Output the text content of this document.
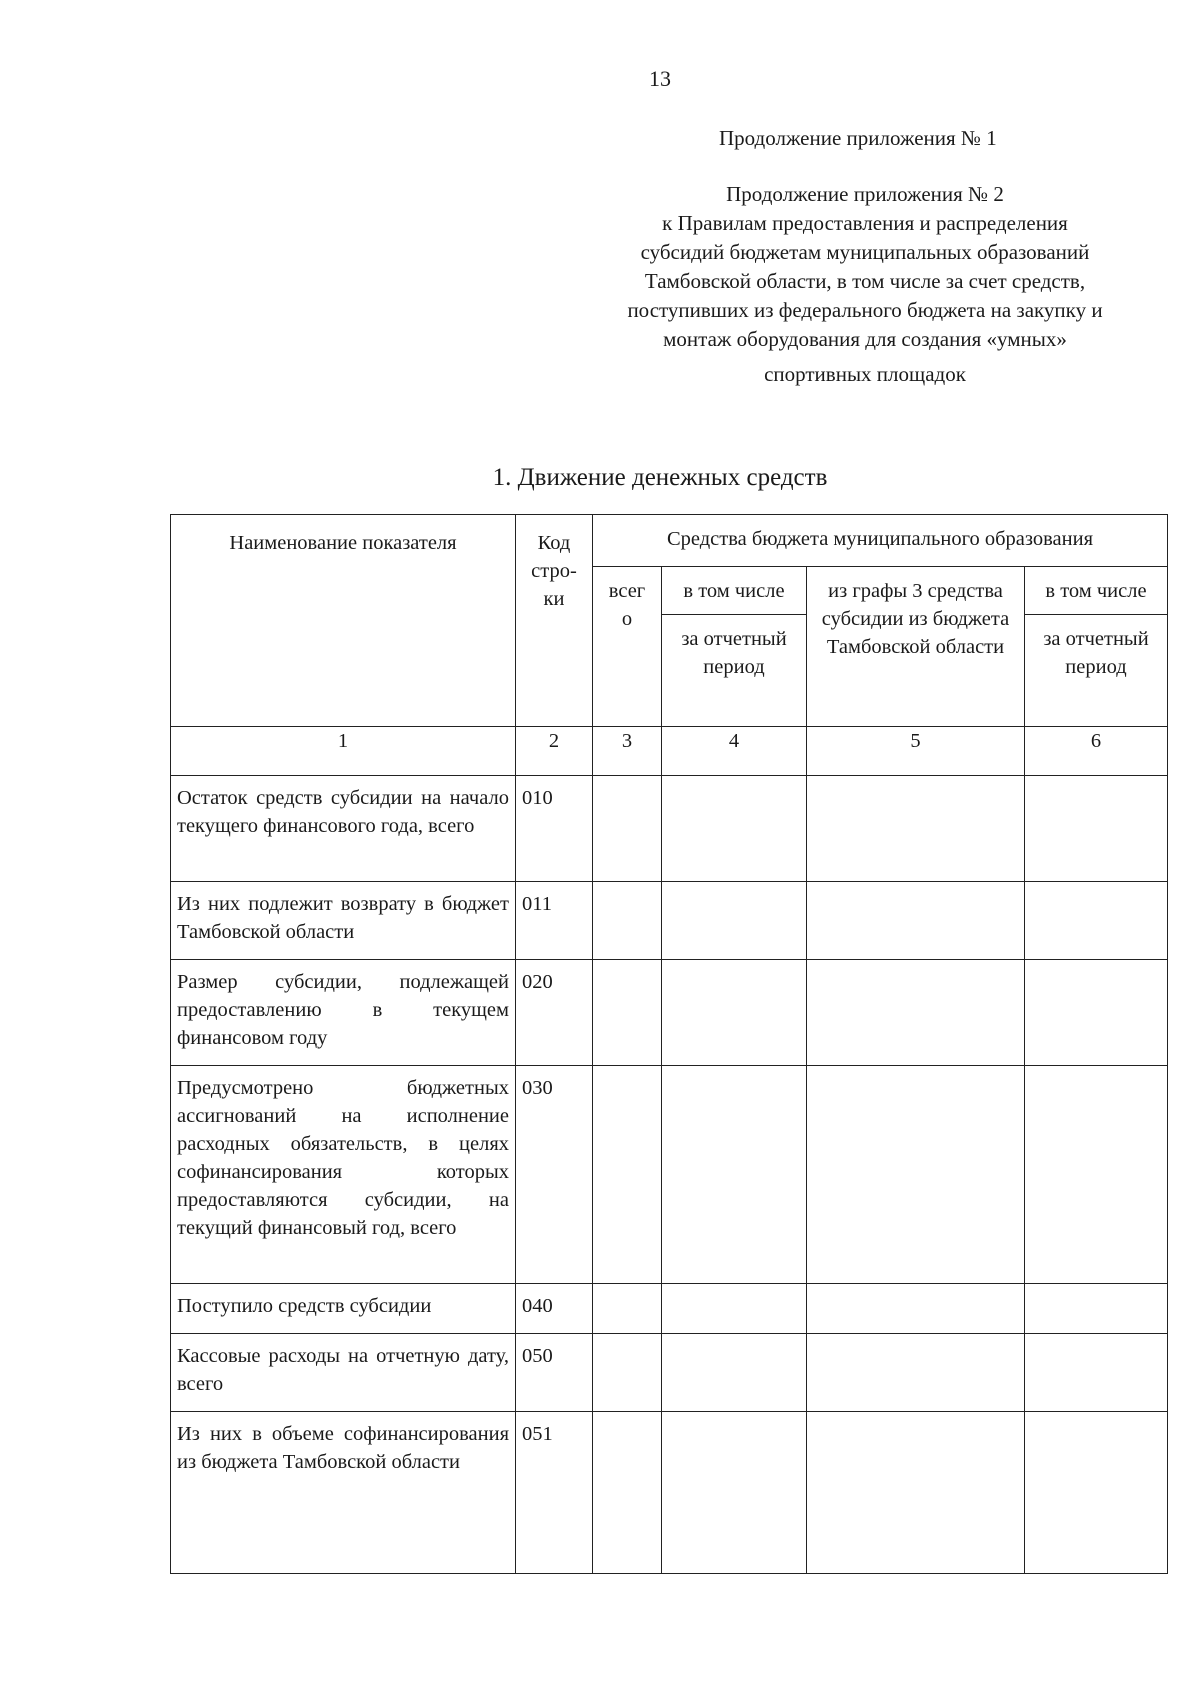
13
Продолжение приложения № 1
Продолжение приложения № 2
к Правилам предоставления и распределения
субсидий бюджетам муниципальных образований
Тамбовской области, в том числе за счет средств,
поступивших из федерального бюджета на закупку и
монтаж оборудования для создания «умных»
спортивных площадок
1. Движение денежных средств
Наименование показателя	Код стро-ки	Средства бюджета муниципального образования			
		всег о	в том числе	из графы 3 средства субсидии из бюджета Тамбовской области	в том числе
			за отчетный период		за отчетный период
1	2	3	4	5	6
Остаток средств субсидии на начало текущего финансового года, всего	010				
Из них подлежит возврату в бюджет Тамбовской области	011				
Размер субсидии, подлежащей предоставлению в текущем финансовом году	020				
Предусмотрено бюджетных ассигнований на исполнение расходных обязательств, в целях софинансирования которых предоставляются субсидии, на текущий финансовый год, всего	030				
Поступило средств субсидии	040				
Кассовые расходы на отчетную дату, всего	050				
Из них в объеме софинансирования из бюджета Тамбовской области	051				
